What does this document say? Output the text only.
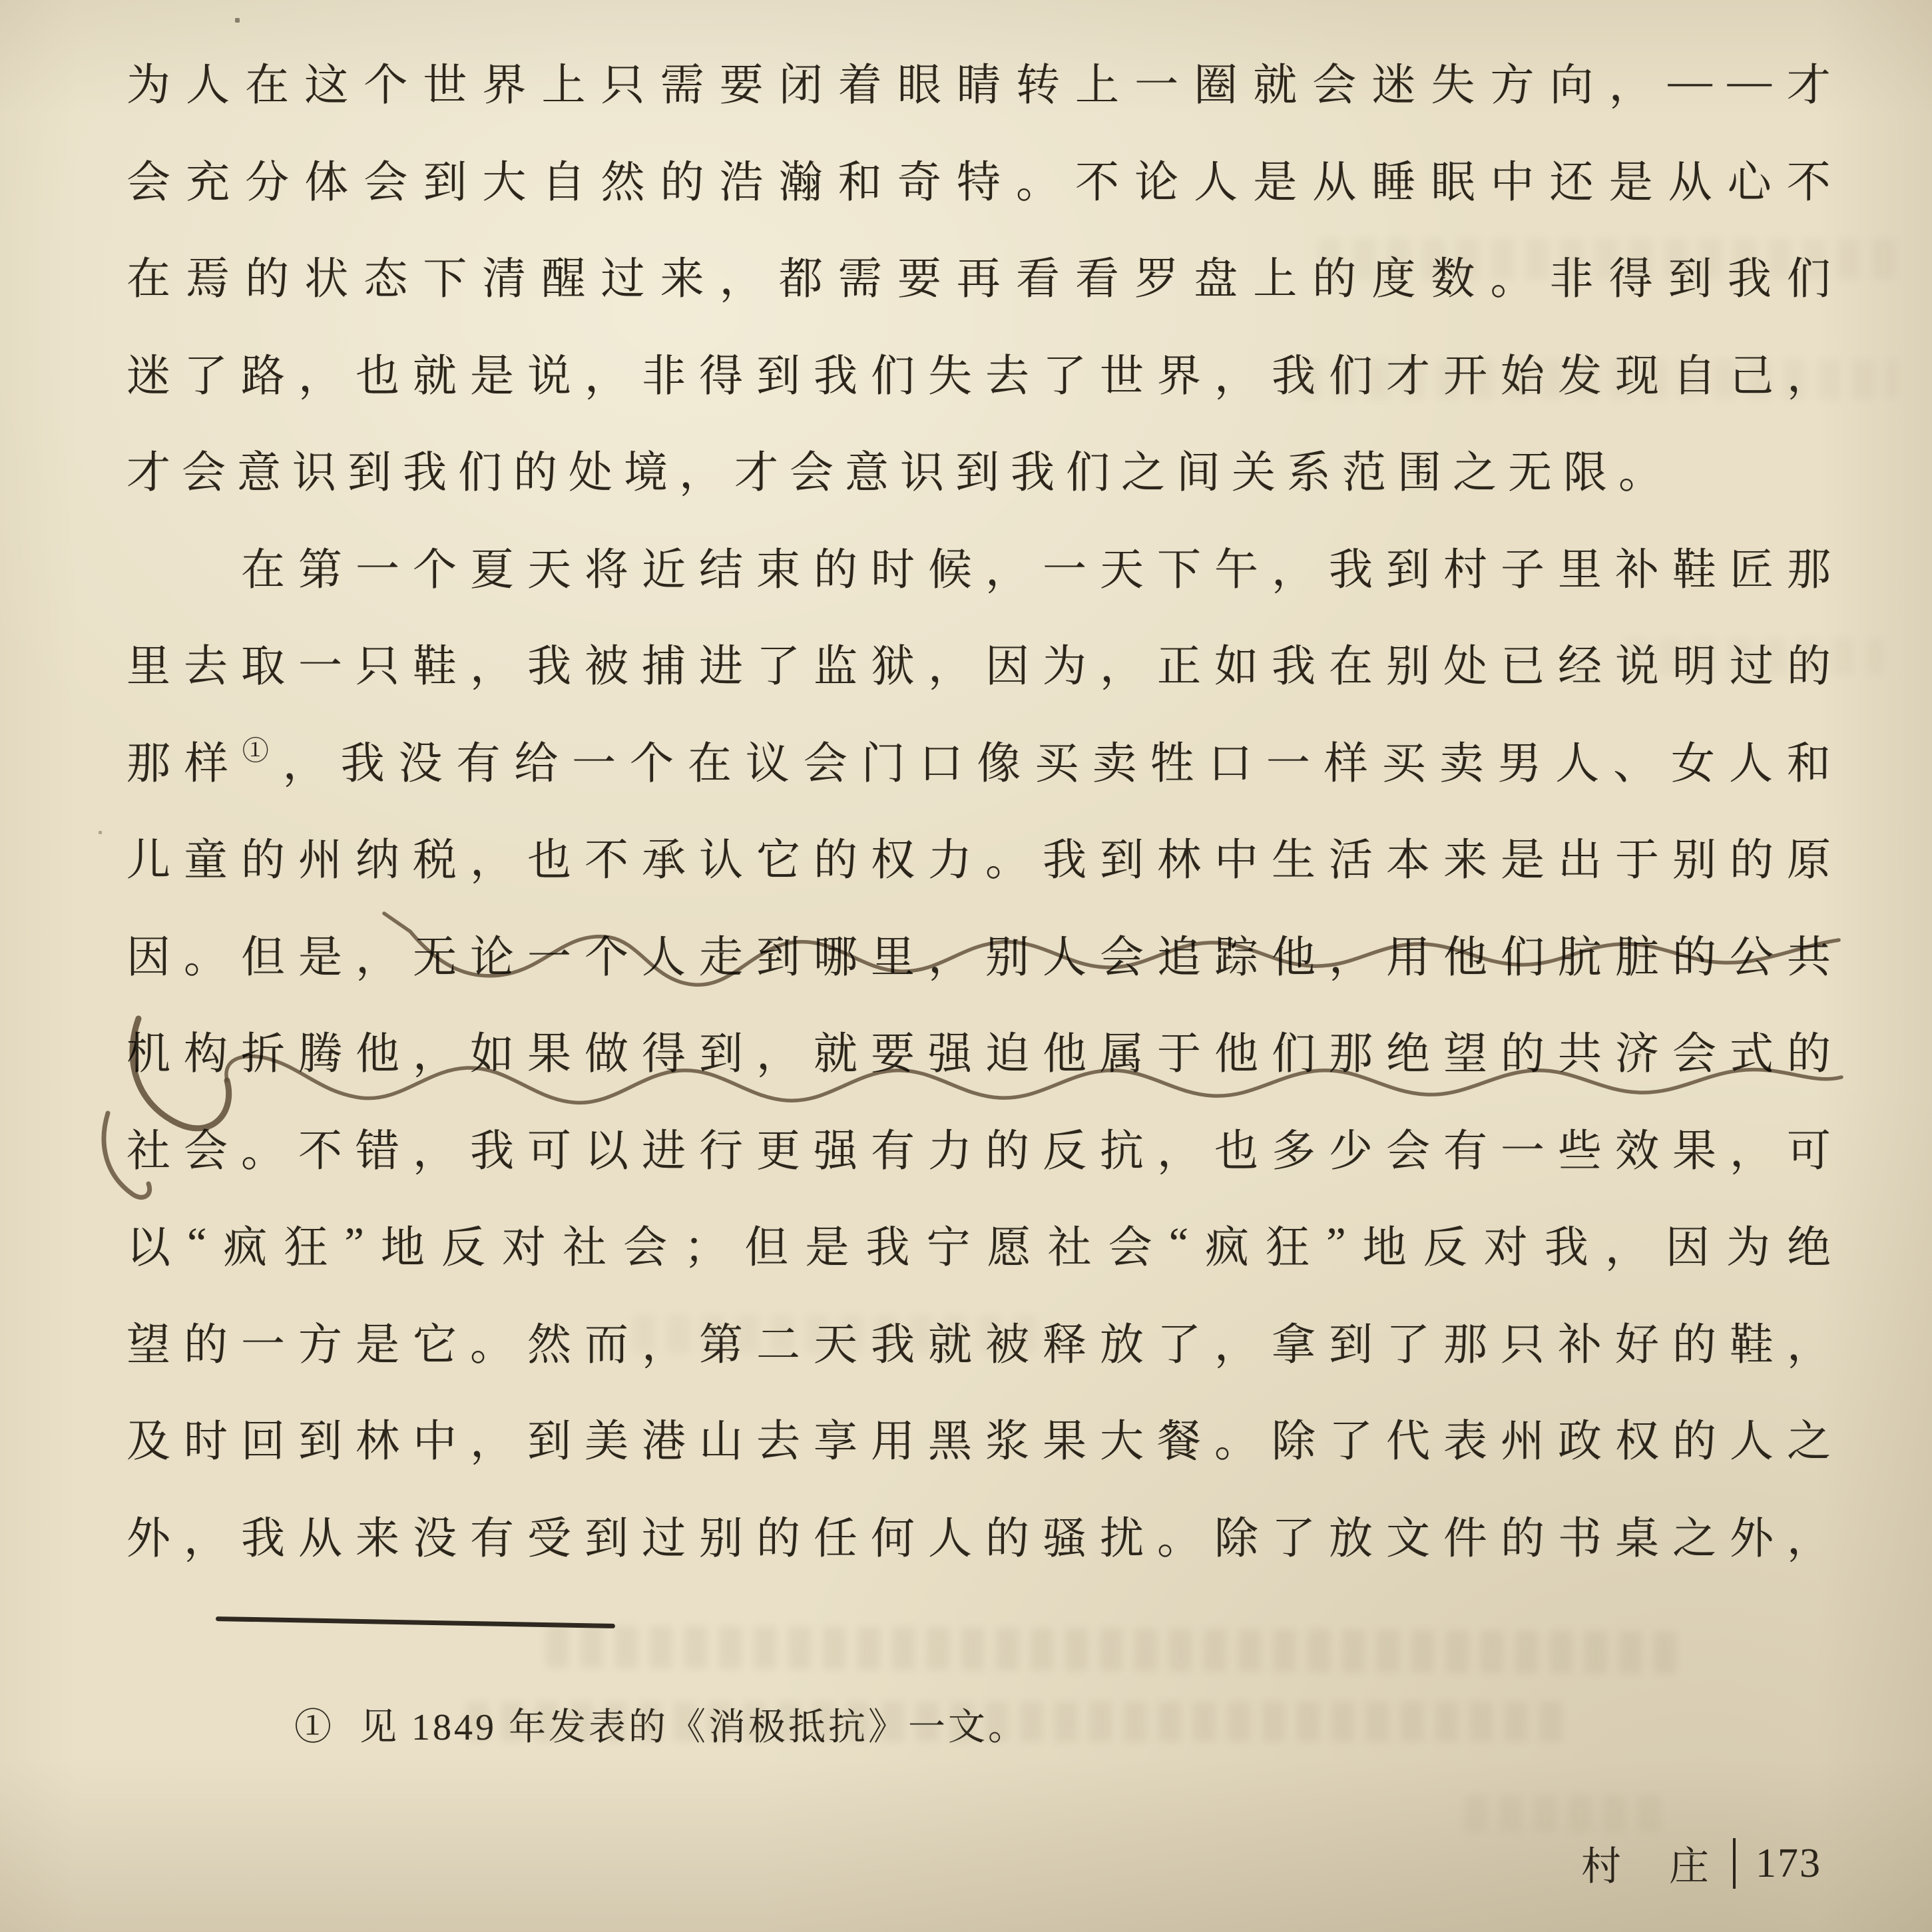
为 人 在 这 个 世 界 上 只 需 要 闭 着 眼 睛 转 上 一 圈 就 会 迷 失 方 向 ， — — 才
会 充 分 体 会 到 大 自 然 的 浩 瀚 和 奇 特 。 不 论 人 是 从 睡 眠 中 还 是 从 心 不
在 焉 的 状 态 下 清 醒 过 来 ， 都 需 要 再 看 看 罗 盘 上 的 度 数 。 非 得 到 我 们
迷 了 路 ， 也 就 是 说 ， 非 得 到 我 们 失 去 了 世 界 ， 我 们 才 开 始 发 现 自 己 ，
才 会 意 识 到 我 们 的 处 境 ， 才 会 意 识 到 我 们 之 间 关 系 范 围 之 无 限 。

在 第 一 个 夏 天 将 近 结 束 的 时 候 ， 一 天 下 午 ， 我 到 村 子 里 补 鞋 匠 那
里 去 取 一 只 鞋 ， 我 被 捕 进 了 监 狱 ， 因 为 ， 正 如 我 在 别 处 已 经 说 明 过 的
那 样 ① ， 我 没 有 给 一 个 在 议 会 门 口 像 买 卖 牲 口 一 样 买 卖 男 人 、 女 人 和
儿 童 的 州 纳 税 ， 也 不 承 认 它 的 权 力 。 我 到 林 中 生 活 本 来 是 出 于 别 的 原
因 。 但 是 ， 无 论 一 个 人 走 到 哪 里 ， 别 人 会 追 踪 他 ， 用 他 们 肮 脏 的 公 共
机 构 折 腾 他 ， 如 果 做 得 到 ， 就 要 强 迫 他 属 于 他 们 那 绝 望 的 共 济 会 式 的
社 会 。 不 错 ， 我 可 以 进 行 更 强 有 力 的 反 抗 ， 也 多 少 会 有 一 些 效 果 ， 可
以 “ 疯 狂 ” 地 反 对 社 会 ； 但 是 我 宁 愿 社 会 “ 疯 狂 ” 地 反 对 我 ， 因 为 绝
望 的 一 方 是 它 。 然 而 ， 第 二 天 我 就 被 释 放 了 ， 拿 到 了 那 只 补 好 的 鞋 ，
及 时 回 到 林 中 ， 到 美 港 山 去 享 用 黑 浆 果 大 餐 。 除 了 代 表 州 政 权 的 人 之
外 ， 我 从 来 没 有 受 到 过 别 的 任 何 人 的 骚 扰 。 除 了 放 文 件 的 书 桌 之 外 ，
① 见 1849 年发表的《消极抵抗》一文。
村　庄 173
